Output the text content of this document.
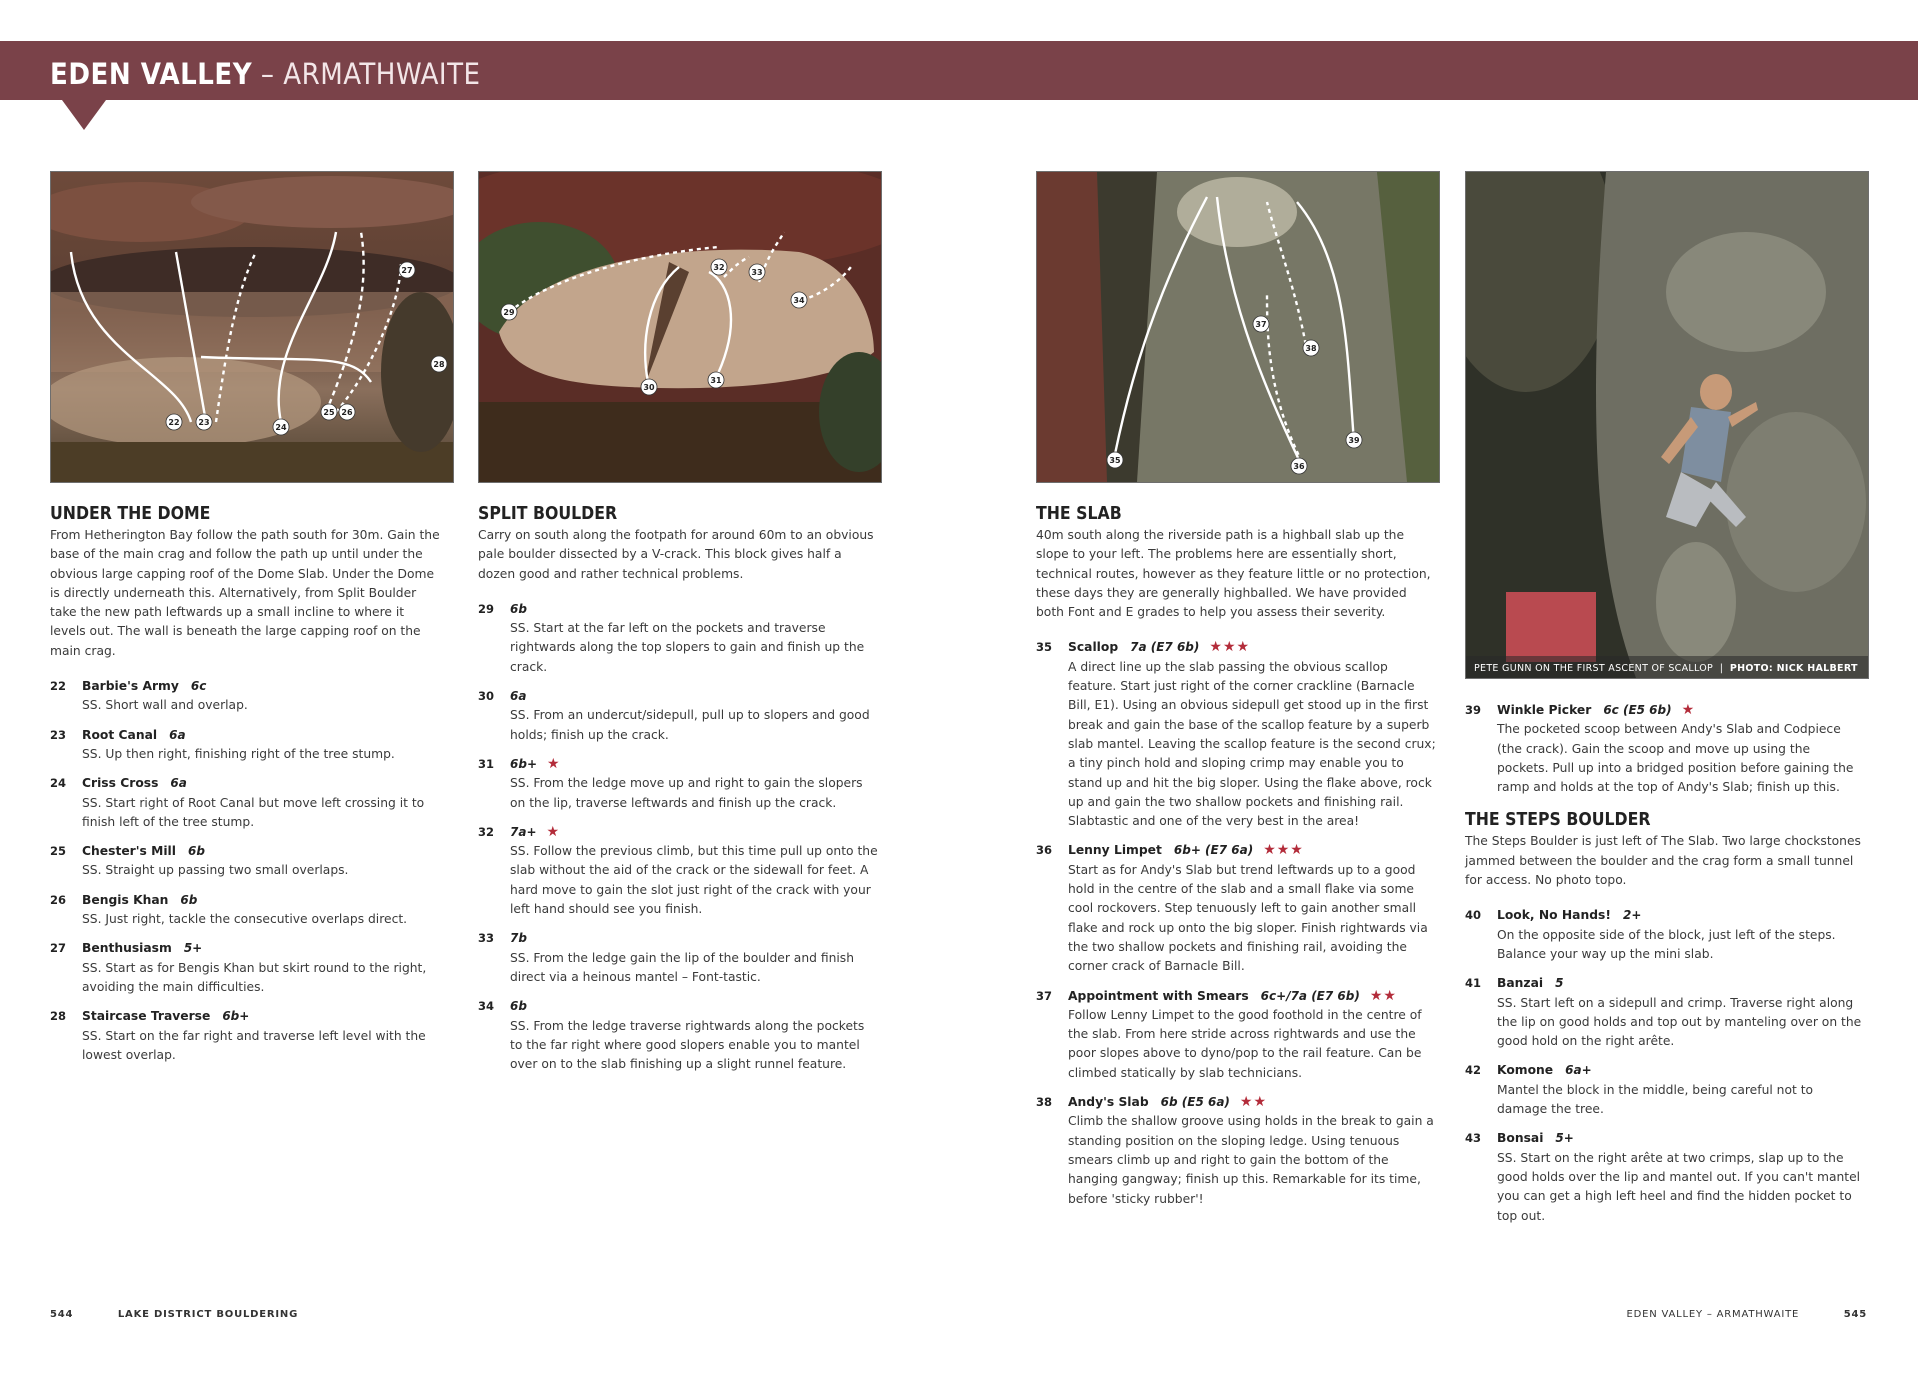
EDEN VALLEY – ARMATHWAITE
22 23
24
25 26
27
28
29
30
31
32
33
34
35
36
37
38
39
PETE GUNN ON THE FIRST ASCENT OF SCALLOP  |  PHOTO: NICK HALBERT
UNDER THE DOME
From Hetherington Bay follow the path south for 30m. Gain the base of the main crag and follow the path up until under the obvious large capping roof of the Dome Slab. Under the Dome is directly underneath this. Alternatively, from Split Boulder take the new path leftwards up a small incline to where it levels out. The wall is beneath the large capping roof on the main crag.
22	Barbie's Army 6c
SS. Short wall and overlap.
23	Root Canal 6a
SS. Up then right, finishing right of the tree stump.
24	Criss Cross 6a
SS. Start right of Root Canal but move left crossing it to finish left of the tree stump.
25	Chester's Mill 6b
SS. Straight up passing two small overlaps.
26	Bengis Khan 6b
SS. Just right, tackle the consecutive overlaps direct.
27	Benthusiasm 5+
SS. Start as for Bengis Khan but skirt round to the right, avoiding the main difficulties.
28	Staircase Traverse 6b+
SS. Start on the far right and traverse left level with the lowest overlap.
SPLIT BOULDER
Carry on south along the footpath for around 60m to an obvious pale boulder dissected by a V-crack. This block gives half a dozen good and rather technical problems.
29	6b
SS. Start at the far left on the pockets and traverse rightwards along the top slopers to gain and finish up the crack.
30	6a
SS. From an undercut/sidepull, pull up to slopers and good holds; finish up the crack.
31	6b+ ★
SS. From the ledge move up and right to gain the slopers on the lip, traverse leftwards and finish up the crack.
32	7a+ ★
SS. Follow the previous climb, but this time pull up onto the slab without the aid of the crack or the sidewall for feet. A hard move to gain the slot just right of the crack with your left hand should see you finish.
33	7b
SS. From the ledge gain the lip of the boulder and finish direct via a heinous mantel – Font-tastic.
34	6b
SS. From the ledge traverse rightwards along the pockets to the far right where good slopers enable you to mantel over on to the slab finishing up a slight runnel feature.
THE SLAB
40m south along the riverside path is a highball slab up the slope to your left. The problems here are essentially short, technical routes, however as they feature little or no protection, these days they are generally highballed. We have provided both Font and E grades to help you assess their severity.
35	Scallop 7a (E7 6b) ★★★
A direct line up the slab passing the obvious scallop feature. Start just right of the corner crackline (Barnacle Bill, E1). Using an obvious sidepull get stood up in the first break and gain the base of the scallop feature by a superb slab mantel. Leaving the scallop feature is the second crux; a tiny pinch hold and sloping crimp may enable you to stand up and hit the big sloper. Using the flake above, rock up and gain the two shallow pockets and finishing rail. Slabtastic and one of the very best in the area!
36	Lenny Limpet 6b+ (E7 6a) ★★★
Start as for Andy's Slab but trend leftwards up to a good hold in the centre of the slab and a small flake via some cool rockovers. Step tenuously left to gain another small flake and rock up onto the big sloper. Finish rightwards via the two shallow pockets and finishing rail, avoiding the corner crack of Barnacle Bill.
37	Appointment with Smears 6c+/7a (E7 6b) ★★
Follow Lenny Limpet to the good foothold in the centre of the slab. From here stride across rightwards and use the poor slopes above to dyno/pop to the rail feature. Can be climbed statically by slab technicians.
38	Andy's Slab 6b (E5 6a) ★★
Climb the shallow groove using holds in the break to gain a standing position on the sloping ledge. Using tenuous smears climb up and right to gain the bottom of the hanging gangway; finish up this. Remarkable for its time, before 'sticky rubber'!
39	Winkle Picker 6c (E5 6b) ★
The pocketed scoop between Andy's Slab and Codpiece (the crack). Gain the scoop and move up using the pockets. Pull up into a bridged position before gaining the ramp and holds at the top of Andy's Slab; finish up this.
THE STEPS BOULDER
The Steps Boulder is just left of The Slab. Two large chockstones jammed between the boulder and the crag form a small tunnel for access. No photo topo.
40	Look, No Hands! 2+
On the opposite side of the block, just left of the steps. Balance your way up the mini slab.
41	Banzai 5
SS. Start left on a sidepull and crimp. Traverse right along the lip on good holds and top out by manteling over on the good hold on the right arête.
42	Komone 6a+
Mantel the block in the middle, being careful not to damage the tree.
43	Bonsai 5+
SS. Start on the right arête at two crimps, slap up to the good holds over the lip and mantel out. If you can't mantel you can get a high left heel and find the hidden pocket to top out.
544	LAKE DISTRICT BOULDERING	EDEN VALLEY – ARMATHWAITE	545
